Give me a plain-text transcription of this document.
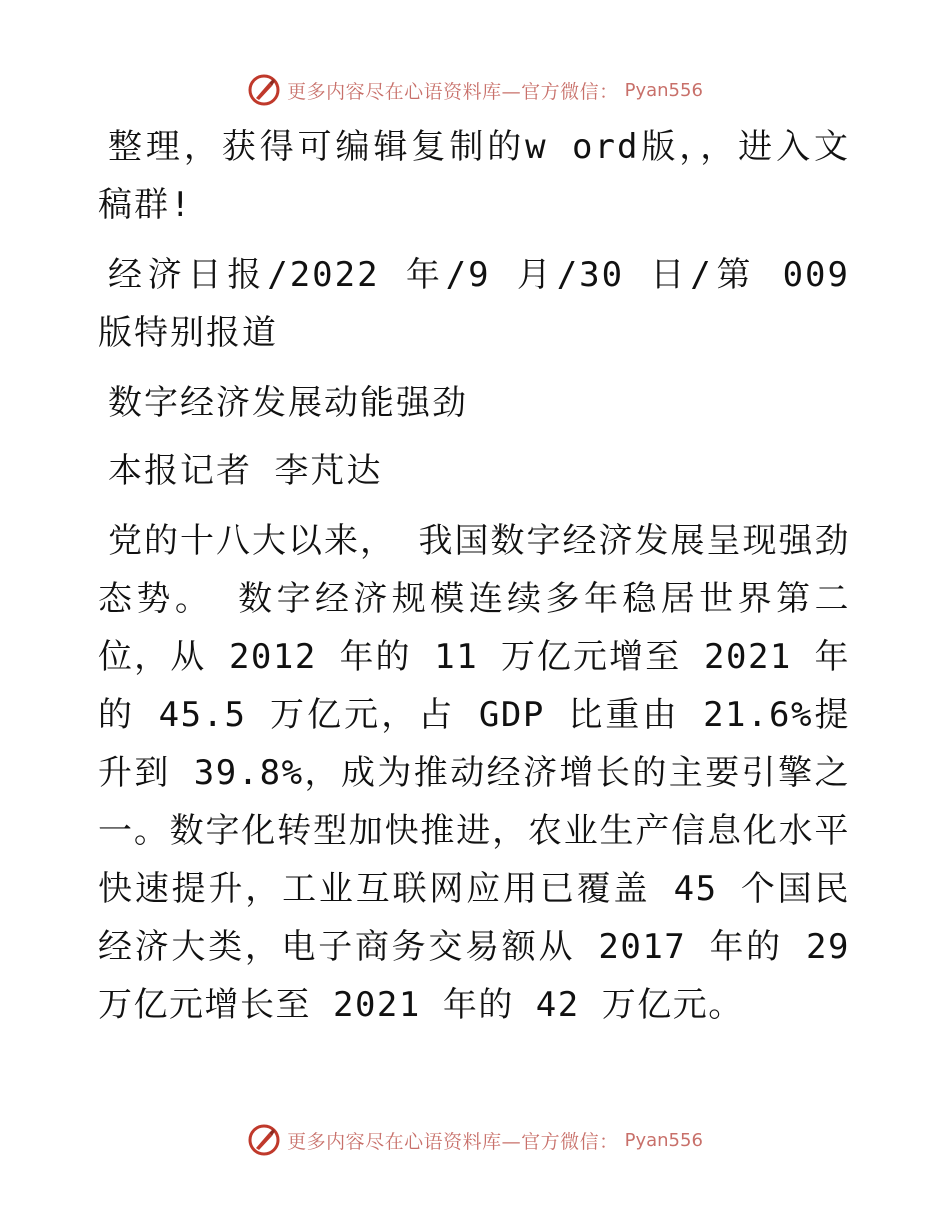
更多内容尽在心语资料库—官方微信： Pyan556

整理，获得可编辑复制的w ord版，，进入文稿群!

经济日报/2022 年/9 月/30 日/第 009 版特别报道

数字经济发展动能强劲

本报记者 李芃达

党的十八大以来， 我国数字经济发展呈现强劲态势。 数字经济规模连续多年稳居世界第二位，从 2012 年的 11 万亿元增至 2021 年的 45.5 万亿元，占 GDP 比重由 21.6%提升到 39.8%，成为推动经济增长的主要引擎之一。数字化转型加快推进，农业生产信息化水平快速提升，工业互联网应用已覆盖 45 个国民经济大类，电子商务交易额从 2017 年的 29 万亿元增长至 2021 年的 42 万亿元。

更多内容尽在心语资料库—官方微信： Pyan556
